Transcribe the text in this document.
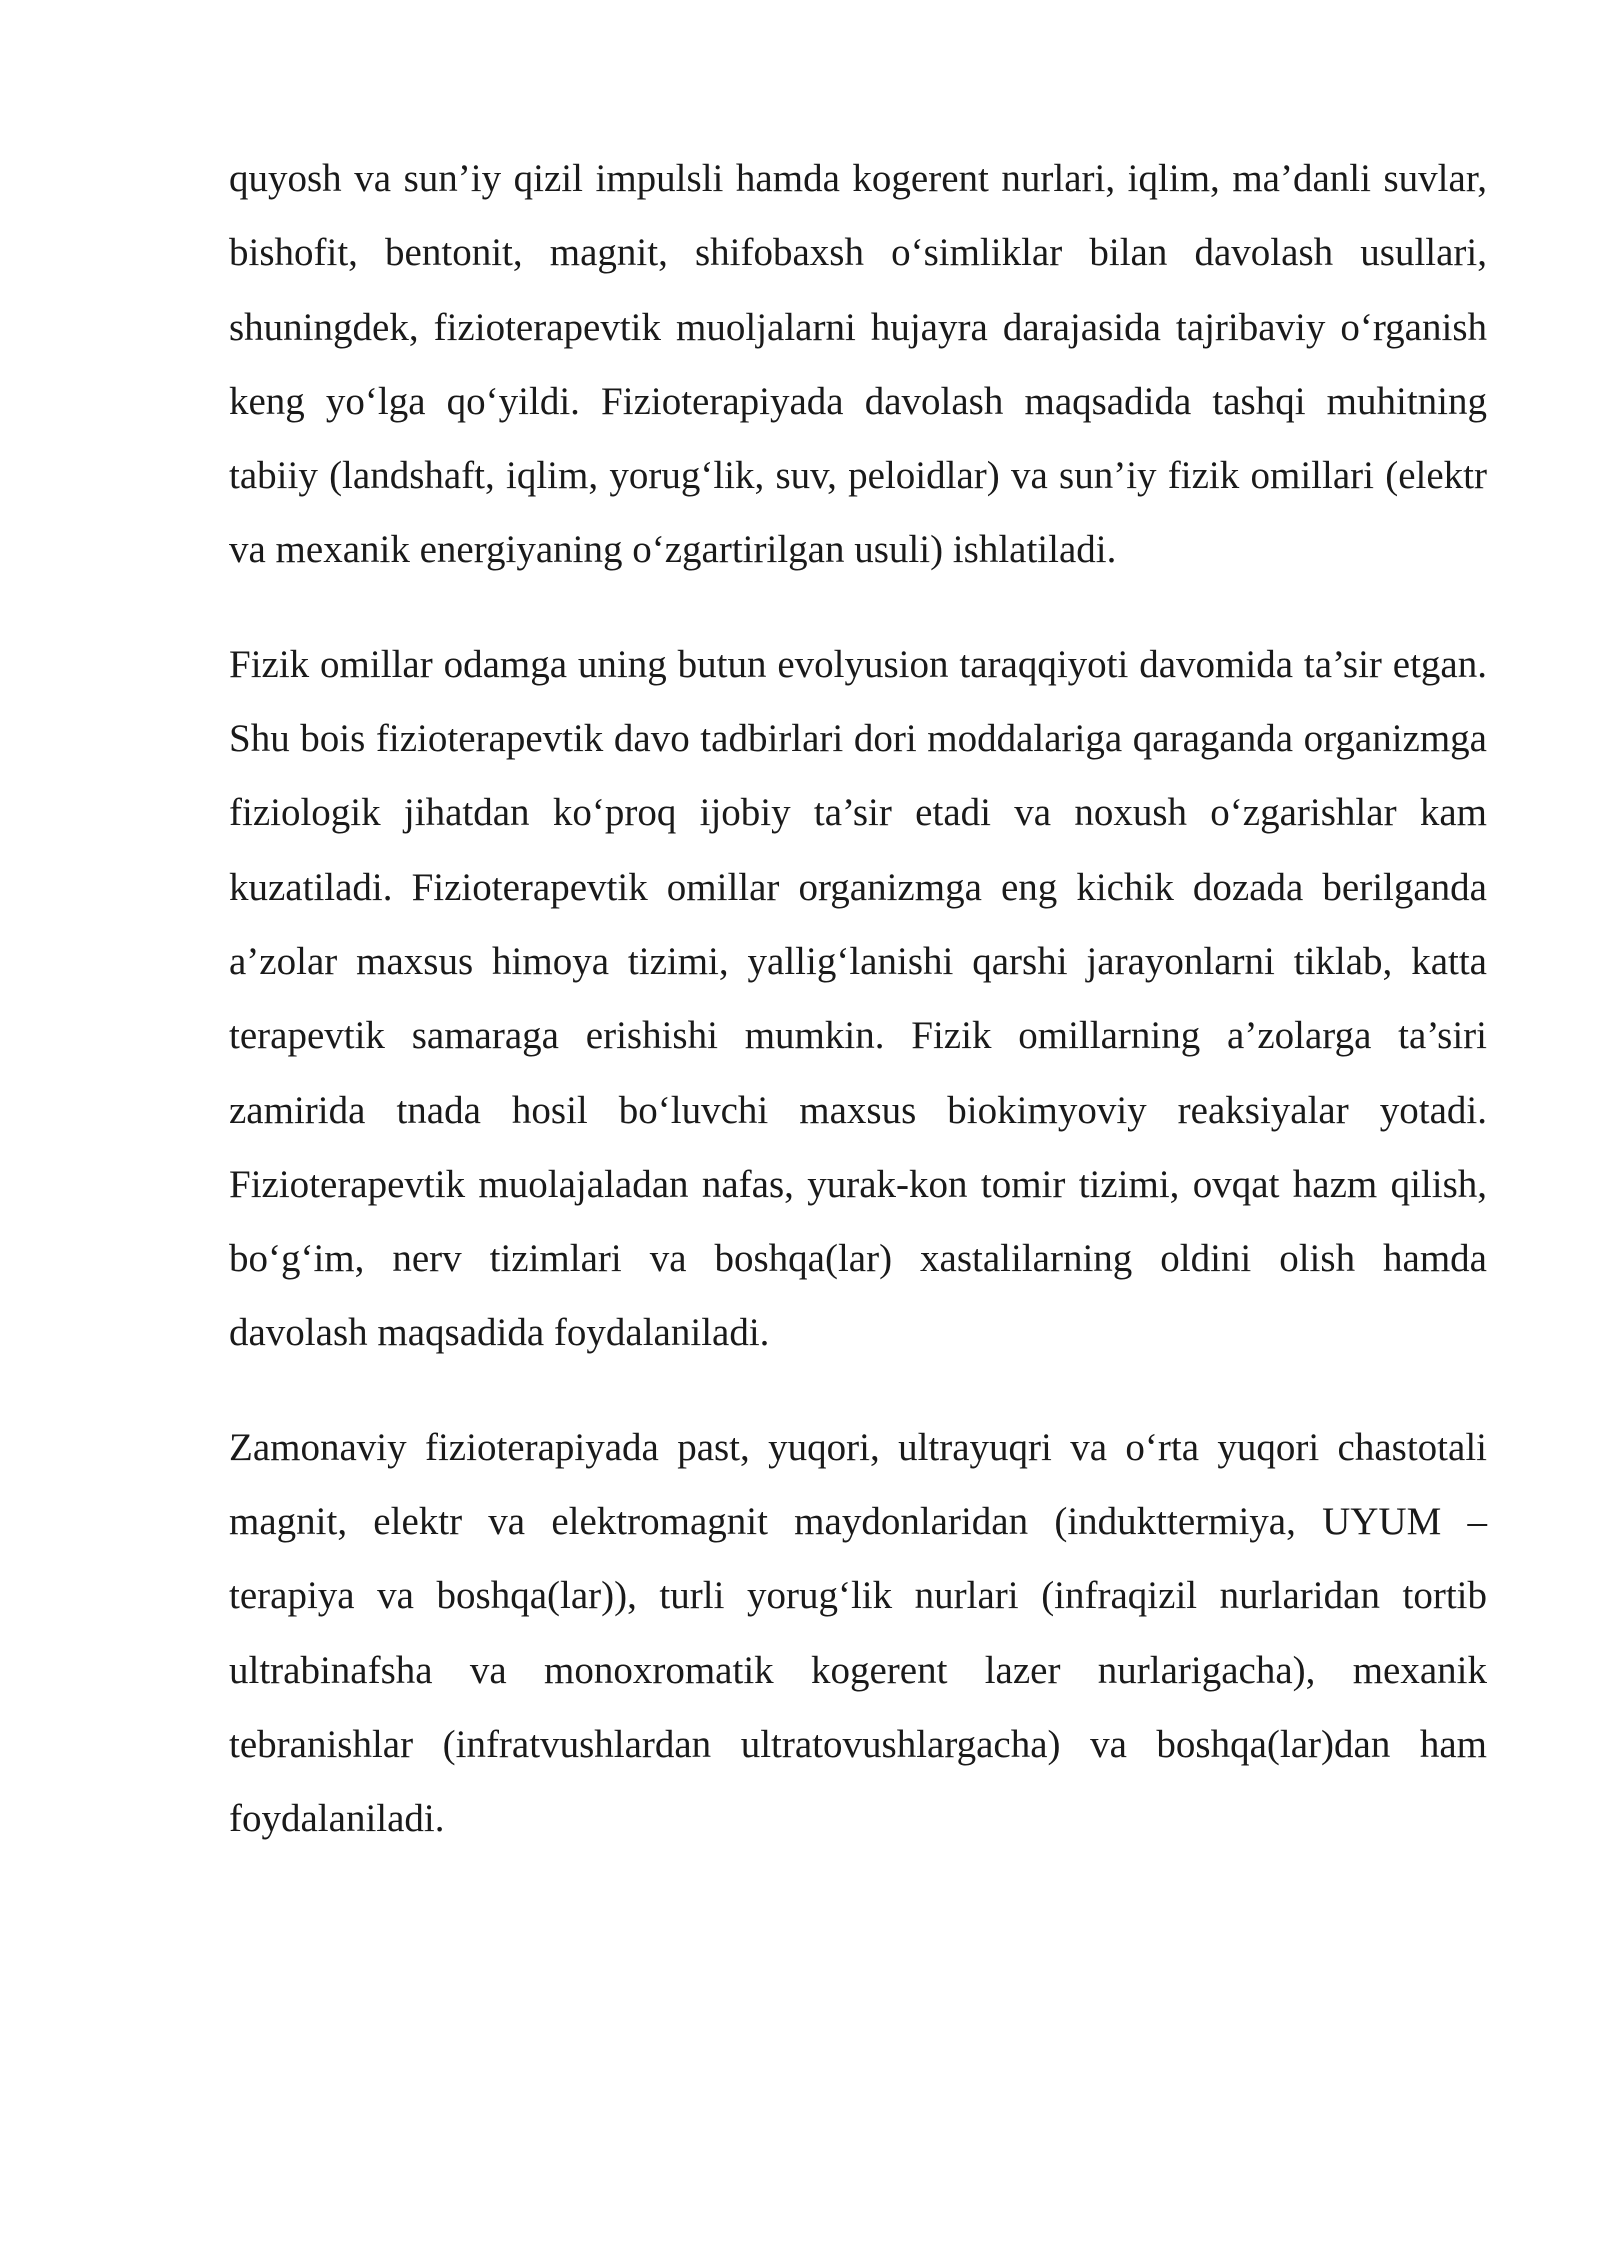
quyosh va sun’iy qizil impulsli hamda kogerent nurlari, iqlim, ma’danli suvlar, bishofit, bentonit, magnit, shifobaxsh o‘simliklar bilan davolash usullari, shuningdek, fizioterapevtik muoljalarni hujayra darajasida tajribaviy o‘rganish keng yo‘lga qo‘yildi. Fizioterapiyada davolash maqsadida tashqi muhitning tabiiy (landshaft, iqlim, yorug‘lik, suv, peloidlar) va sun’iy fizik omillari (elektr va mexanik energiyaning o‘zgartirilgan usuli) ishlatiladi.

Fizik omillar odamga uning butun evolyusion taraqqiyoti davomida ta’sir etgan. Shu bois fizioterapevtik davo tadbirlari dori moddalariga qaraganda organizmga fiziologik jihatdan ko‘proq ijobiy ta’sir etadi va noxush o‘zgarishlar kam kuzatiladi. Fizioterapevtik omillar organizmga eng kichik dozada berilganda a’zolar maxsus himoya tizimi, yallig‘lanishi qarshi jarayonlarni tiklab, katta terapevtik samaraga erishishi mumkin. Fizik omillarning a’zolarga ta’siri zamirida tnada hosil bo‘luvchi maxsus biokimyoviy reaksiyalar yotadi. Fizioterapevtik muolajaladan nafas, yurak-kon tomir tizimi, ovqat hazm qilish, bo‘g‘im, nerv tizimlari va boshqa(lar) xastalilarning oldini olish hamda davolash maqsadida foydalaniladi.

Zamonaviy fizioterapiyada past, yuqori, ultrayuqri va o‘rta yuqori chastotali magnit, elektr va elektromagnit maydonlaridan (indukttermiya, UYUM – terapiya va boshqa(lar)), turli yorug‘lik nurlari (infraqizil nurlaridan tortib ultrabinafsha va monoxromatik kogerent lazer nurlarigacha), mexanik tebranishlar (infratvushlardan ultratovushlargacha) va boshqa(lar)dan ham foydalaniladi.
